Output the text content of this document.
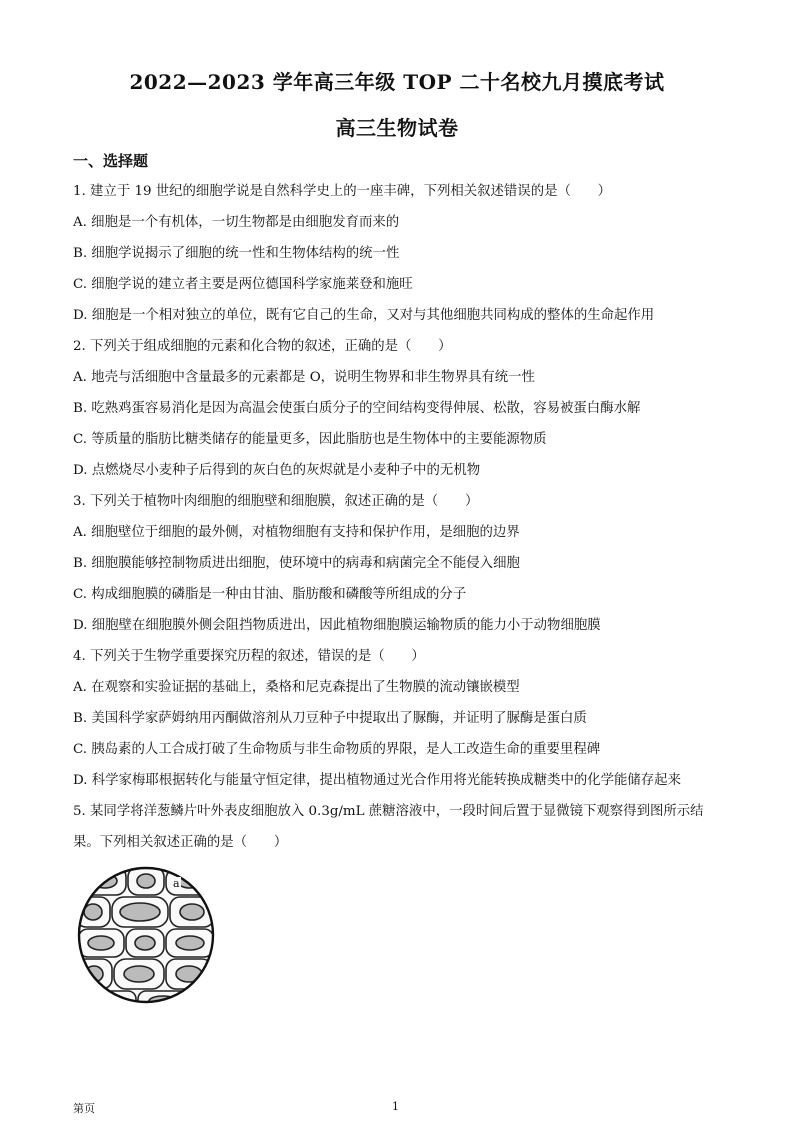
2022—2023 学年高三年级 TOP 二十名校九月摸底考试
高三生物试卷
一、选择题
1. 建立于 19 世纪的细胞学说是自然科学史上的一座丰碑，下列相关叙述错误的是（　　）
A. 细胞是一个有机体，一切生物都是由细胞发育而来的
B. 细胞学说揭示了细胞的统一性和生物体结构的统一性
C. 细胞学说的建立者主要是两位德国科学家施莱登和施旺
D. 细胞是一个相对独立的单位，既有它自己的生命，又对与其他细胞共同构成的整体的生命起作用
2. 下列关于组成细胞的元素和化合物的叙述，正确的是（　　）
A. 地壳与活细胞中含量最多的元素都是 O，说明生物界和非生物界具有统一性
B. 吃熟鸡蛋容易消化是因为高温会使蛋白质分子的空间结构变得伸展、松散，容易被蛋白酶水解
C. 等质量的脂肪比糖类储存的能量更多，因此脂肪也是生物体中的主要能源物质
D. 点燃烧尽小麦种子后得到的灰白色的灰烬就是小麦种子中的无机物
3. 下列关于植物叶肉细胞的细胞壁和细胞膜，叙述正确的是（　　）
A. 细胞壁位于细胞的最外侧，对植物细胞有支持和保护作用，是细胞的边界
B. 细胞膜能够控制物质进出细胞，使环境中的病毒和病菌完全不能侵入细胞
C. 构成细胞膜的磷脂是一种由甘油、脂肪酸和磷酸等所组成的分子
D. 细胞壁在细胞膜外侧会阻挡物质进出，因此植物细胞膜运输物质的能力小于动物细胞膜
4. 下列关于生物学重要探究历程的叙述，错误的是（　　）
A. 在观察和实验证据的基础上，桑格和尼克森提出了生物膜的流动镶嵌模型
B. 美国科学家萨姆纳用丙酮做溶剂从刀豆种子中提取出了脲酶，并证明了脲酶是蛋白质
C. 胰岛素的人工合成打破了生命物质与非生命物质的界限，是人工改造生命的重要里程碑
D. 科学家梅耶根据转化与能量守恒定律，提出植物通过光合作用将光能转换成糖类中的化学能储存起来
5. 某同学将洋葱鳞片叶外表皮细胞放入 0.3g/mL 蔗糖溶液中，一段时间后置于显微镜下观察得到图所示结
果。下列相关叙述正确的是（　　）
a
第页	1
